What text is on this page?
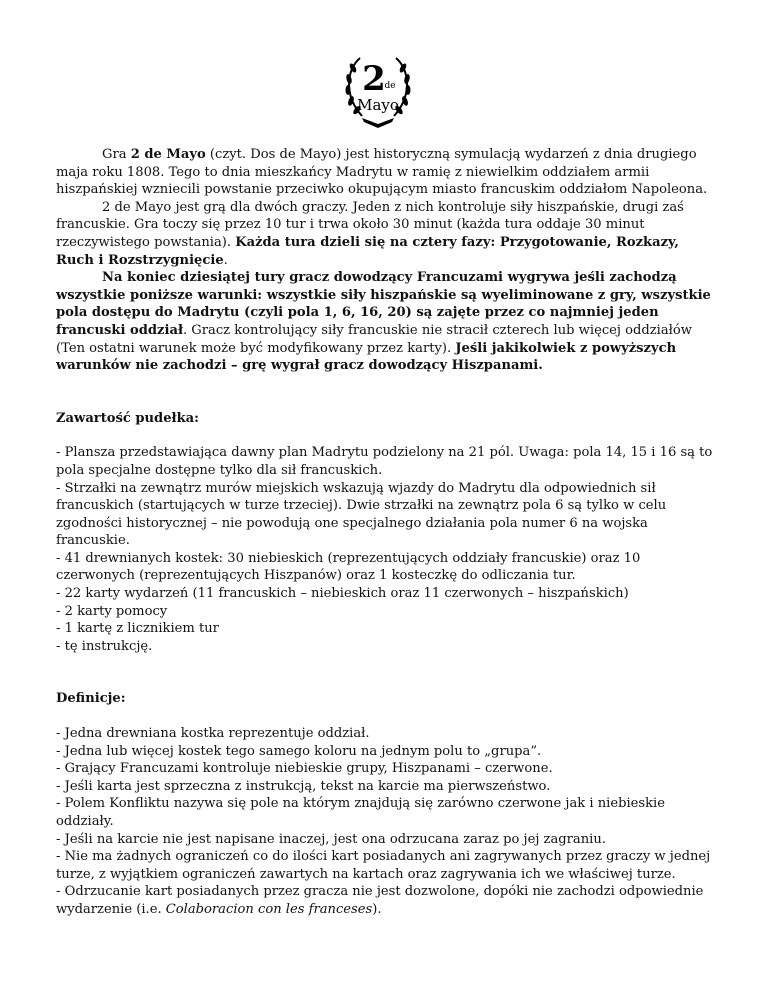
2
de
Mayo

Gra 2 de Mayo (czyt. Dos de Mayo) jest historyczną symulacją wydarzeń z dnia drugiego maja roku 1808. Tego to dnia mieszkańcy Madrytu w ramię z niewielkim oddziałem armii hiszpańskiej wzniecili powstanie przeciwko okupującym miasto francuskim oddziałom Napoleona.

2 de Mayo jest grą dla dwóch graczy. Jeden z nich kontroluje siły hiszpańskie, drugi zaś francuskie. Gra toczy się przez 10 tur i trwa około 30 minut (każda tura oddaje 30 minut rzeczywistego powstania). Każda tura dzieli się na cztery fazy: Przygotowanie, Rozkazy, Ruch i Rozstrzygnięcie.

Na koniec dziesiątej tury gracz dowodzący Francuzami wygrywa jeśli zachodzą wszystkie poniższe warunki: wszystkie siły hiszpańskie są wyeliminowane z gry, wszystkie pola dostępu do Madrytu (czyli pola 1, 6, 16, 20) są zajęte przez co najmniej jeden francuski oddział. Gracz kontrolujący siły francuskie nie stracił czterech lub więcej oddziałów (Ten ostatni warunek może być modyfikowany przez karty). Jeśli jakikolwiek z powyższych warunków nie zachodzi – grę wygrał gracz dowodzący Hiszpanami.

Zawartość pudełka:
- Plansza przedstawiająca dawny plan Madrytu podzielony na 21 pól. Uwaga: pola 14, 15 i 16 są to pola specjalne dostępne tylko dla sił francuskich.
- Strzałki na zewnątrz murów miejskich wskazują wjazdy do Madrytu dla odpowiednich sił francuskich (startujących w turze trzeciej). Dwie strzałki na zewnątrz pola 6 są tylko w celu zgodności historycznej – nie powodują one specjalnego działania pola numer 6 na wojska francuskie.
- 41 drewnianych kostek: 30 niebieskich (reprezentujących oddziały francuskie) oraz 10 czerwonych (reprezentujących Hiszpanów) oraz 1 kosteczkę do odliczania tur.
- 22 karty wydarzeń (11 francuskich – niebieskich oraz 11 czerwonych – hiszpańskich)
- 2 karty pomocy
- 1 kartę z licznikiem tur
- tę instrukcję.
Definicje:
- Jedna drewniana kostka reprezentuje oddział.
- Jedna lub więcej kostek tego samego koloru na jednym polu to „grupa”.
- Grający Francuzami kontroluje niebieskie grupy, Hiszpanami – czerwone.
- Jeśli karta jest sprzeczna z instrukcją, tekst na karcie ma pierwszeństwo.
- Polem Konfliktu nazywa się pole na którym znajdują się zarówno czerwone jak i niebieskie oddziały.
- Jeśli na karcie nie jest napisane inaczej, jest ona odrzucana zaraz po jej zagraniu.
- Nie ma żadnych ograniczeń co do ilości kart posiadanych ani zagrywanych przez graczy w jednej turze, z wyjątkiem ograniczeń zawartych na kartach oraz zagrywania ich we właściwej turze.
- Odrzucanie kart posiadanych przez gracza nie jest dozwolone, dopóki nie zachodzi odpowiednie wydarzenie (i.e. Colaboracion con les franceses).
